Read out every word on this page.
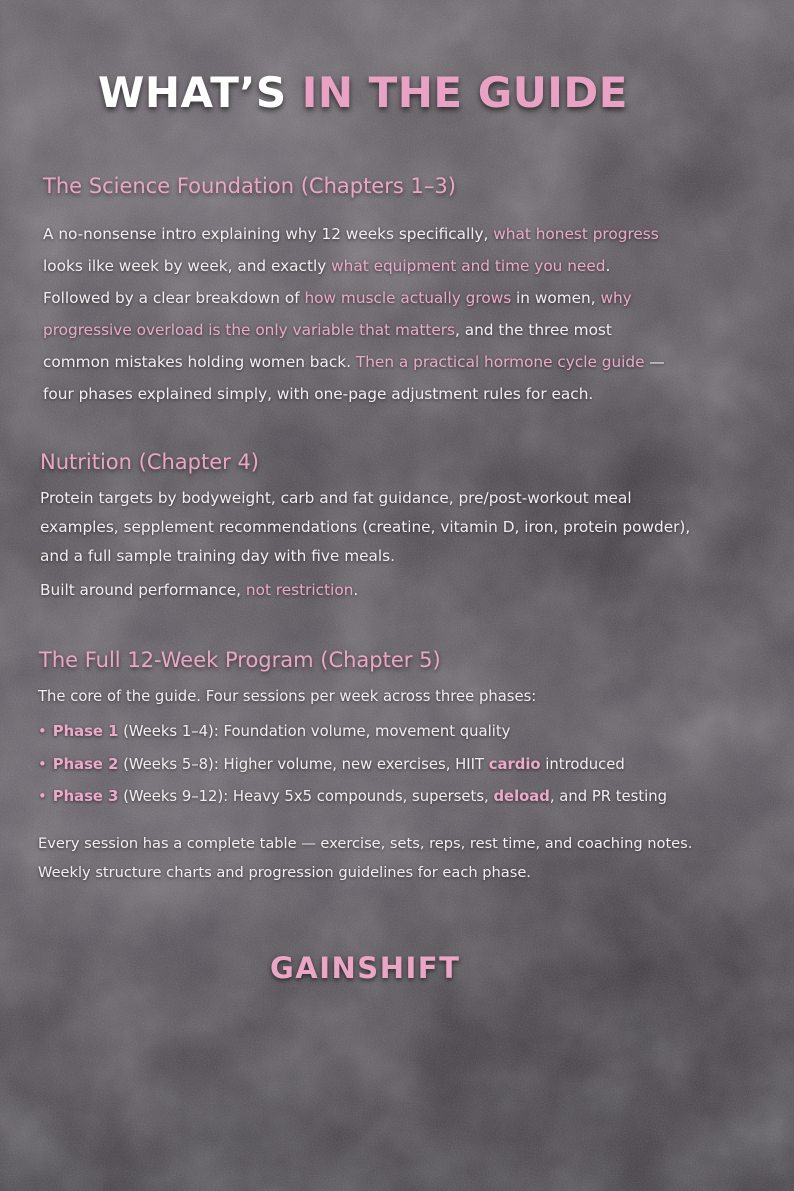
WHAT’S IN THE GUIDE
The Science Foundation (Chapters 1–3)
A no-nonsense intro explaining why 12 weeks specifically, what honest progress
looks ilke week by week, and exactly what equipment and time you need.
Followed by a clear breakdown of how muscle actually grows in women, why
progressive overload is the only variable that matters, and the three most
common mistakes holding women back. Then a practical hormone cycle guide —
four phases explained simply, with one-page adjustment rules for each.
Nutrition (Chapter 4)
Protein targets by bodyweight, carb and fat guidance, pre/post-workout meal
examples, sepplement recommendations (creatine, vitamin D, iron, protein powder),
and a full sample training day with five meals.
Built around performance, not restriction.
The Full 12-Week Program (Chapter 5)
The core of the guide. Four sessions per week across three phases:
• Phase 1 (Weeks 1–4): Foundation volume, movement quality
• Phase 2 (Weeks 5–8): Higher volume, new exercises, HIIT cardio introduced
• Phase 3 (Weeks 9–12): Heavy 5x5 compounds, supersets, deload, and PR testing
Every session has a complete table — exercise, sets, reps, rest time, and coaching notes.
Weekly structure charts and progression guidelines for each phase.
GAINSHIFT
